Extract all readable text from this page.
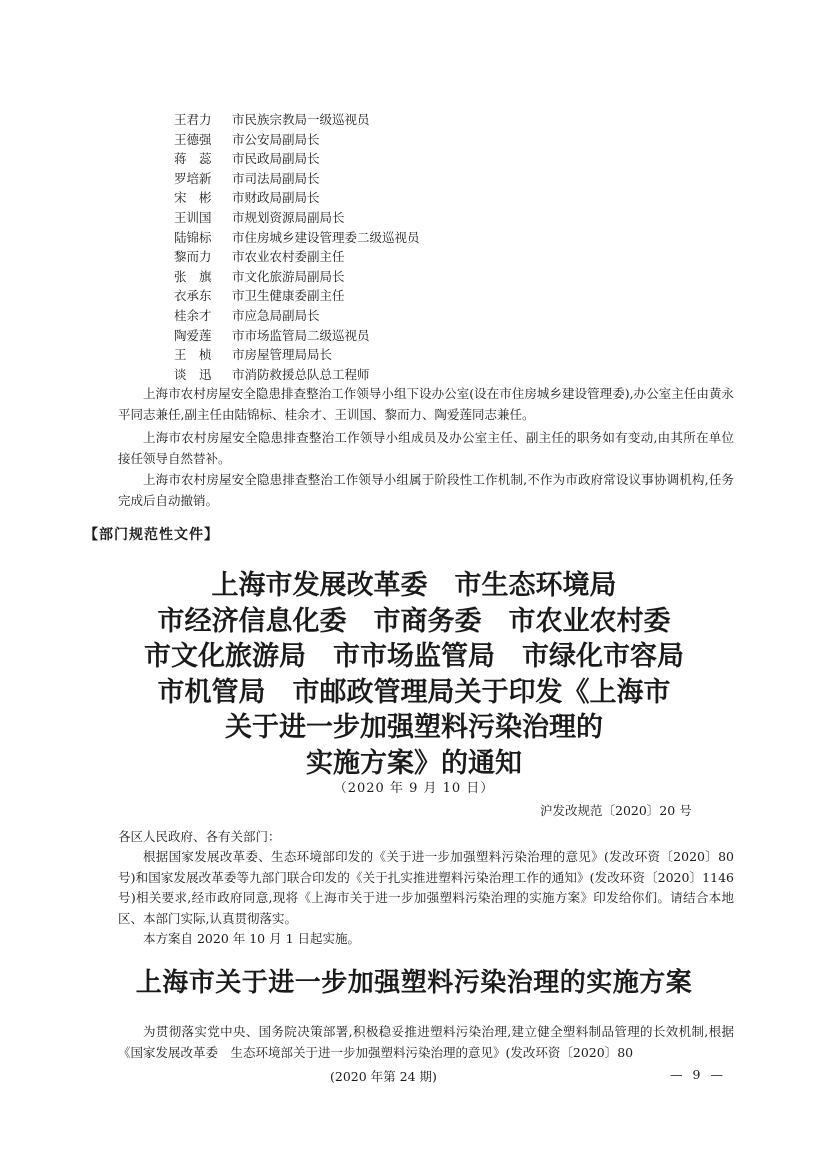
王君力	市民族宗教局一级巡视员
王德强	市公安局副局长
蒋　蕊	市民政局副局长
罗培新	市司法局副局长
宋　彬	市财政局副局长
王训国	市规划资源局副局长
陆锦标	市住房城乡建设管理委二级巡视员
黎而力	市农业农村委副主任
张　旗	市文化旅游局副局长
衣承东	市卫生健康委副主任
桂余才	市应急局副局长
陶爱莲	市市场监管局二级巡视员
王　桢	市房屋管理局局长
谈　迅	市消防救援总队总工程师

上海市农村房屋安全隐患排查整治工作领导小组下设办公室(设在市住房城乡建设管理委),办公室主任由黄永平同志兼任,副主任由陆锦标、桂余才、王训国、黎而力、陶爱莲同志兼任。

上海市农村房屋安全隐患排查整治工作领导小组成员及办公室主任、副主任的职务如有变动,由其所在单位接任领导自然替补。

上海市农村房屋安全隐患排查整治工作领导小组属于阶段性工作机制,不作为市政府常设议事协调机构,任务完成后自动撤销。

【部门规范性文件】
上海市发展改革委　市生态环境局
市经济信息化委　市商务委　市农业农村委
市文化旅游局　市市场监管局　市绿化市容局
市机管局　市邮政管理局关于印发《上海市
关于进一步加强塑料污染治理的
实施方案》的通知
（2020 年 9 月 10 日）
沪发改规范〔2020〕20 号
各区人民政府、各有关部门：

根据国家发展改革委、生态环境部印发的《关于进一步加强塑料污染治理的意见》(发改环资〔2020〕80 号)和国家发展改革委等九部门联合印发的《关于扎实推进塑料污染治理工作的通知》(发改环资〔2020〕1146 号)相关要求,经市政府同意,现将《上海市关于进一步加强塑料污染治理的实施方案》印发给你们。请结合本地区、本部门实际,认真贯彻落实。

本方案自 2020 年 10 月 1 日起实施。

上海市关于进一步加强塑料污染治理的实施方案

为贯彻落实党中央、国务院决策部署,积极稳妥推进塑料污染治理,建立健全塑料制品管理的长效机制,根据《国家发展改革委　生态环境部关于进一步加强塑料污染治理的意见》(发改环资〔2020〕80

(2020 年第 24 期)	— 9 —
